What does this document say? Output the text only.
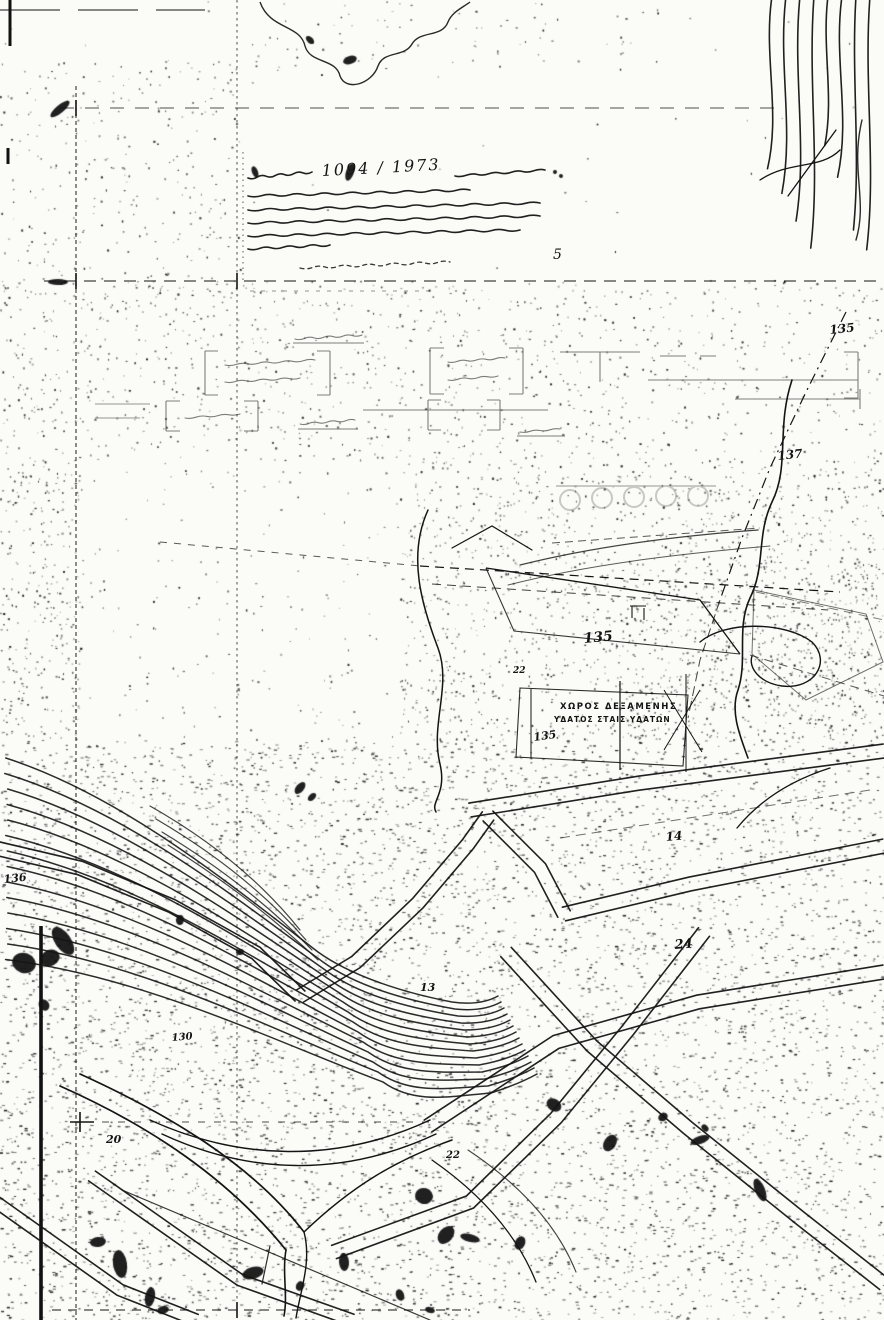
1094 / 1973
5
135
137
135
22
ΧΩΡΟΣ ΔΕΞΑΜΕΝΗΣ
ΥΔΑΤΟΣ ΣΤΑΙΣ ΥΔΑΤΩΝ
135
136
14
24
13
130
20
22
